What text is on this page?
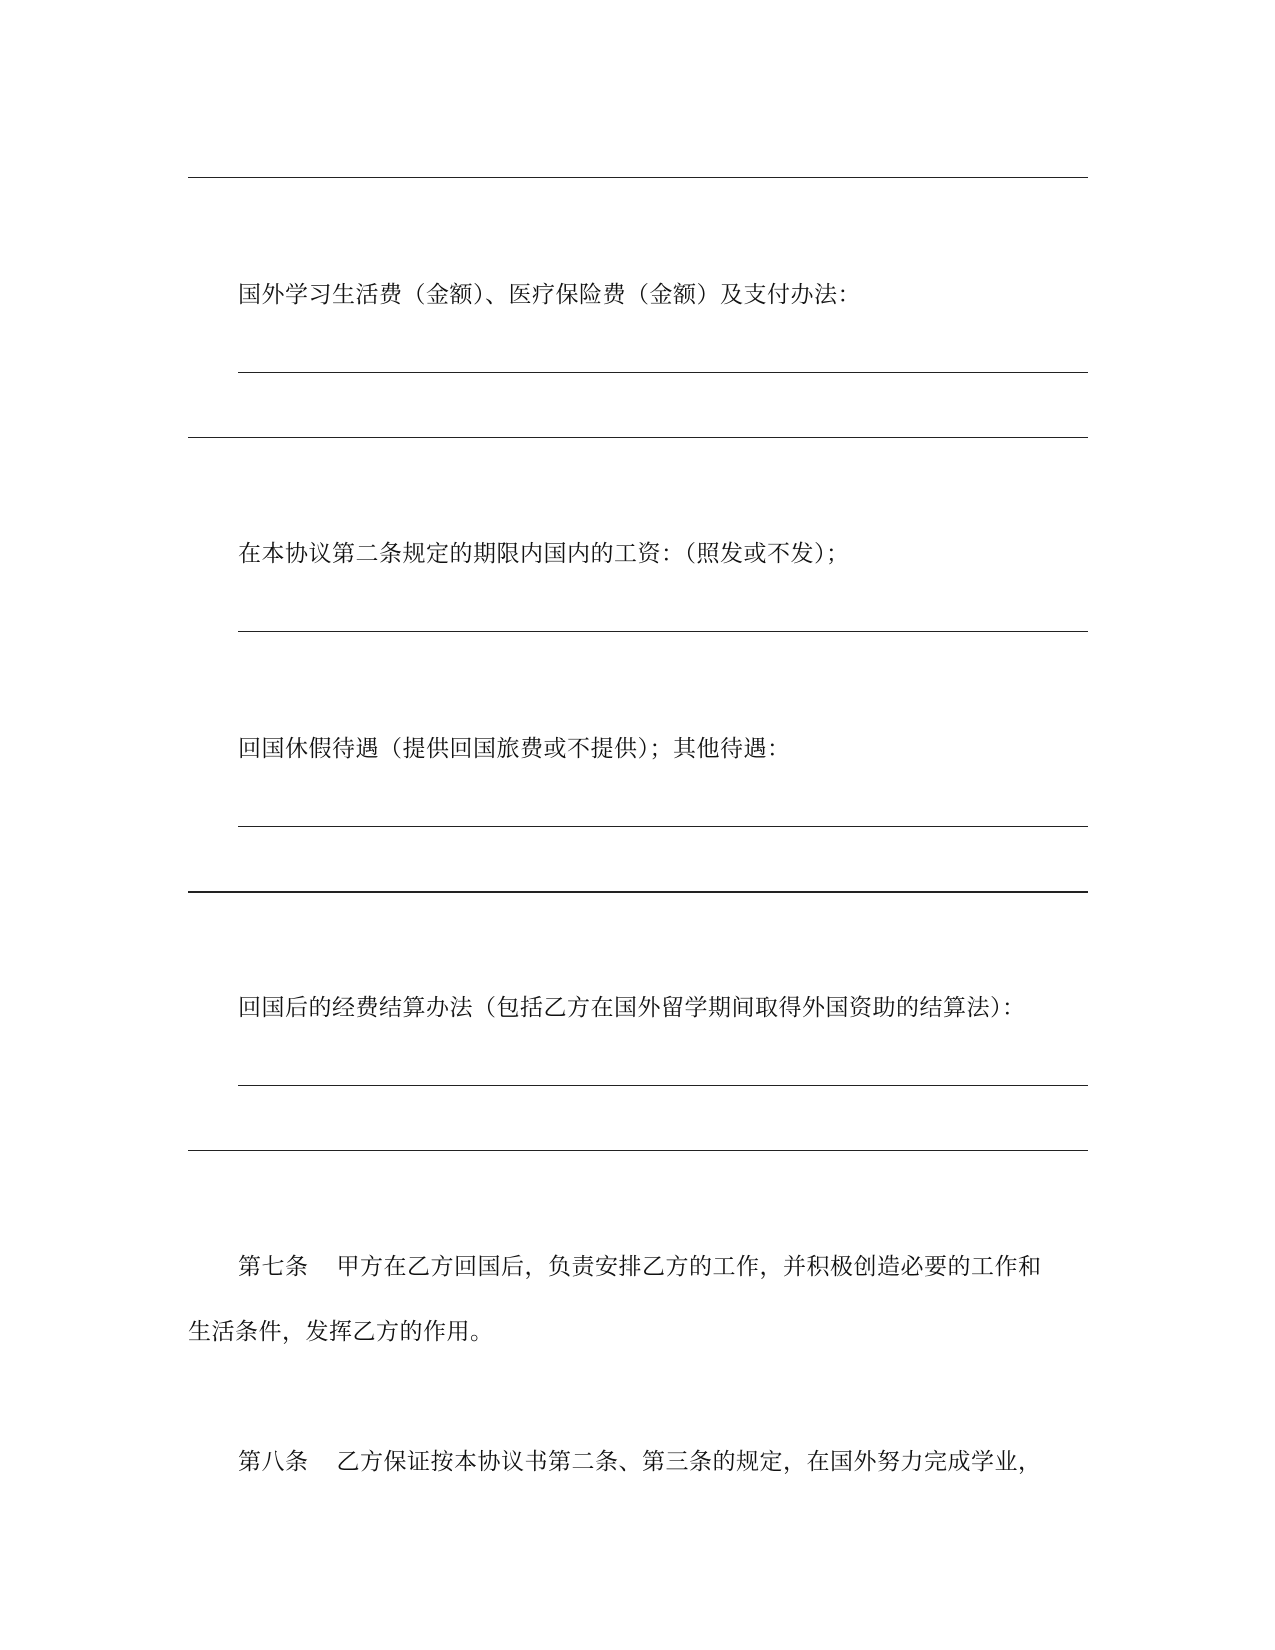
国外学习生活费（金额）、医疗保险费（金额）及支付办法：
在本协议第二条规定的期限内国内的工资：（照发或不发）；
回国休假待遇（提供回国旅费或不提供）；其他待遇：
回国后的经费结算办法（包括乙方在国外留学期间取得外国资助的结算法）：
第七条 甲方在乙方回国后，负责安排乙方的工作，并积极创造必要的工作和
生活条件，发挥乙方的作用。
第八条 乙方保证按本协议书第二条、第三条的规定，在国外努力完成学业，
